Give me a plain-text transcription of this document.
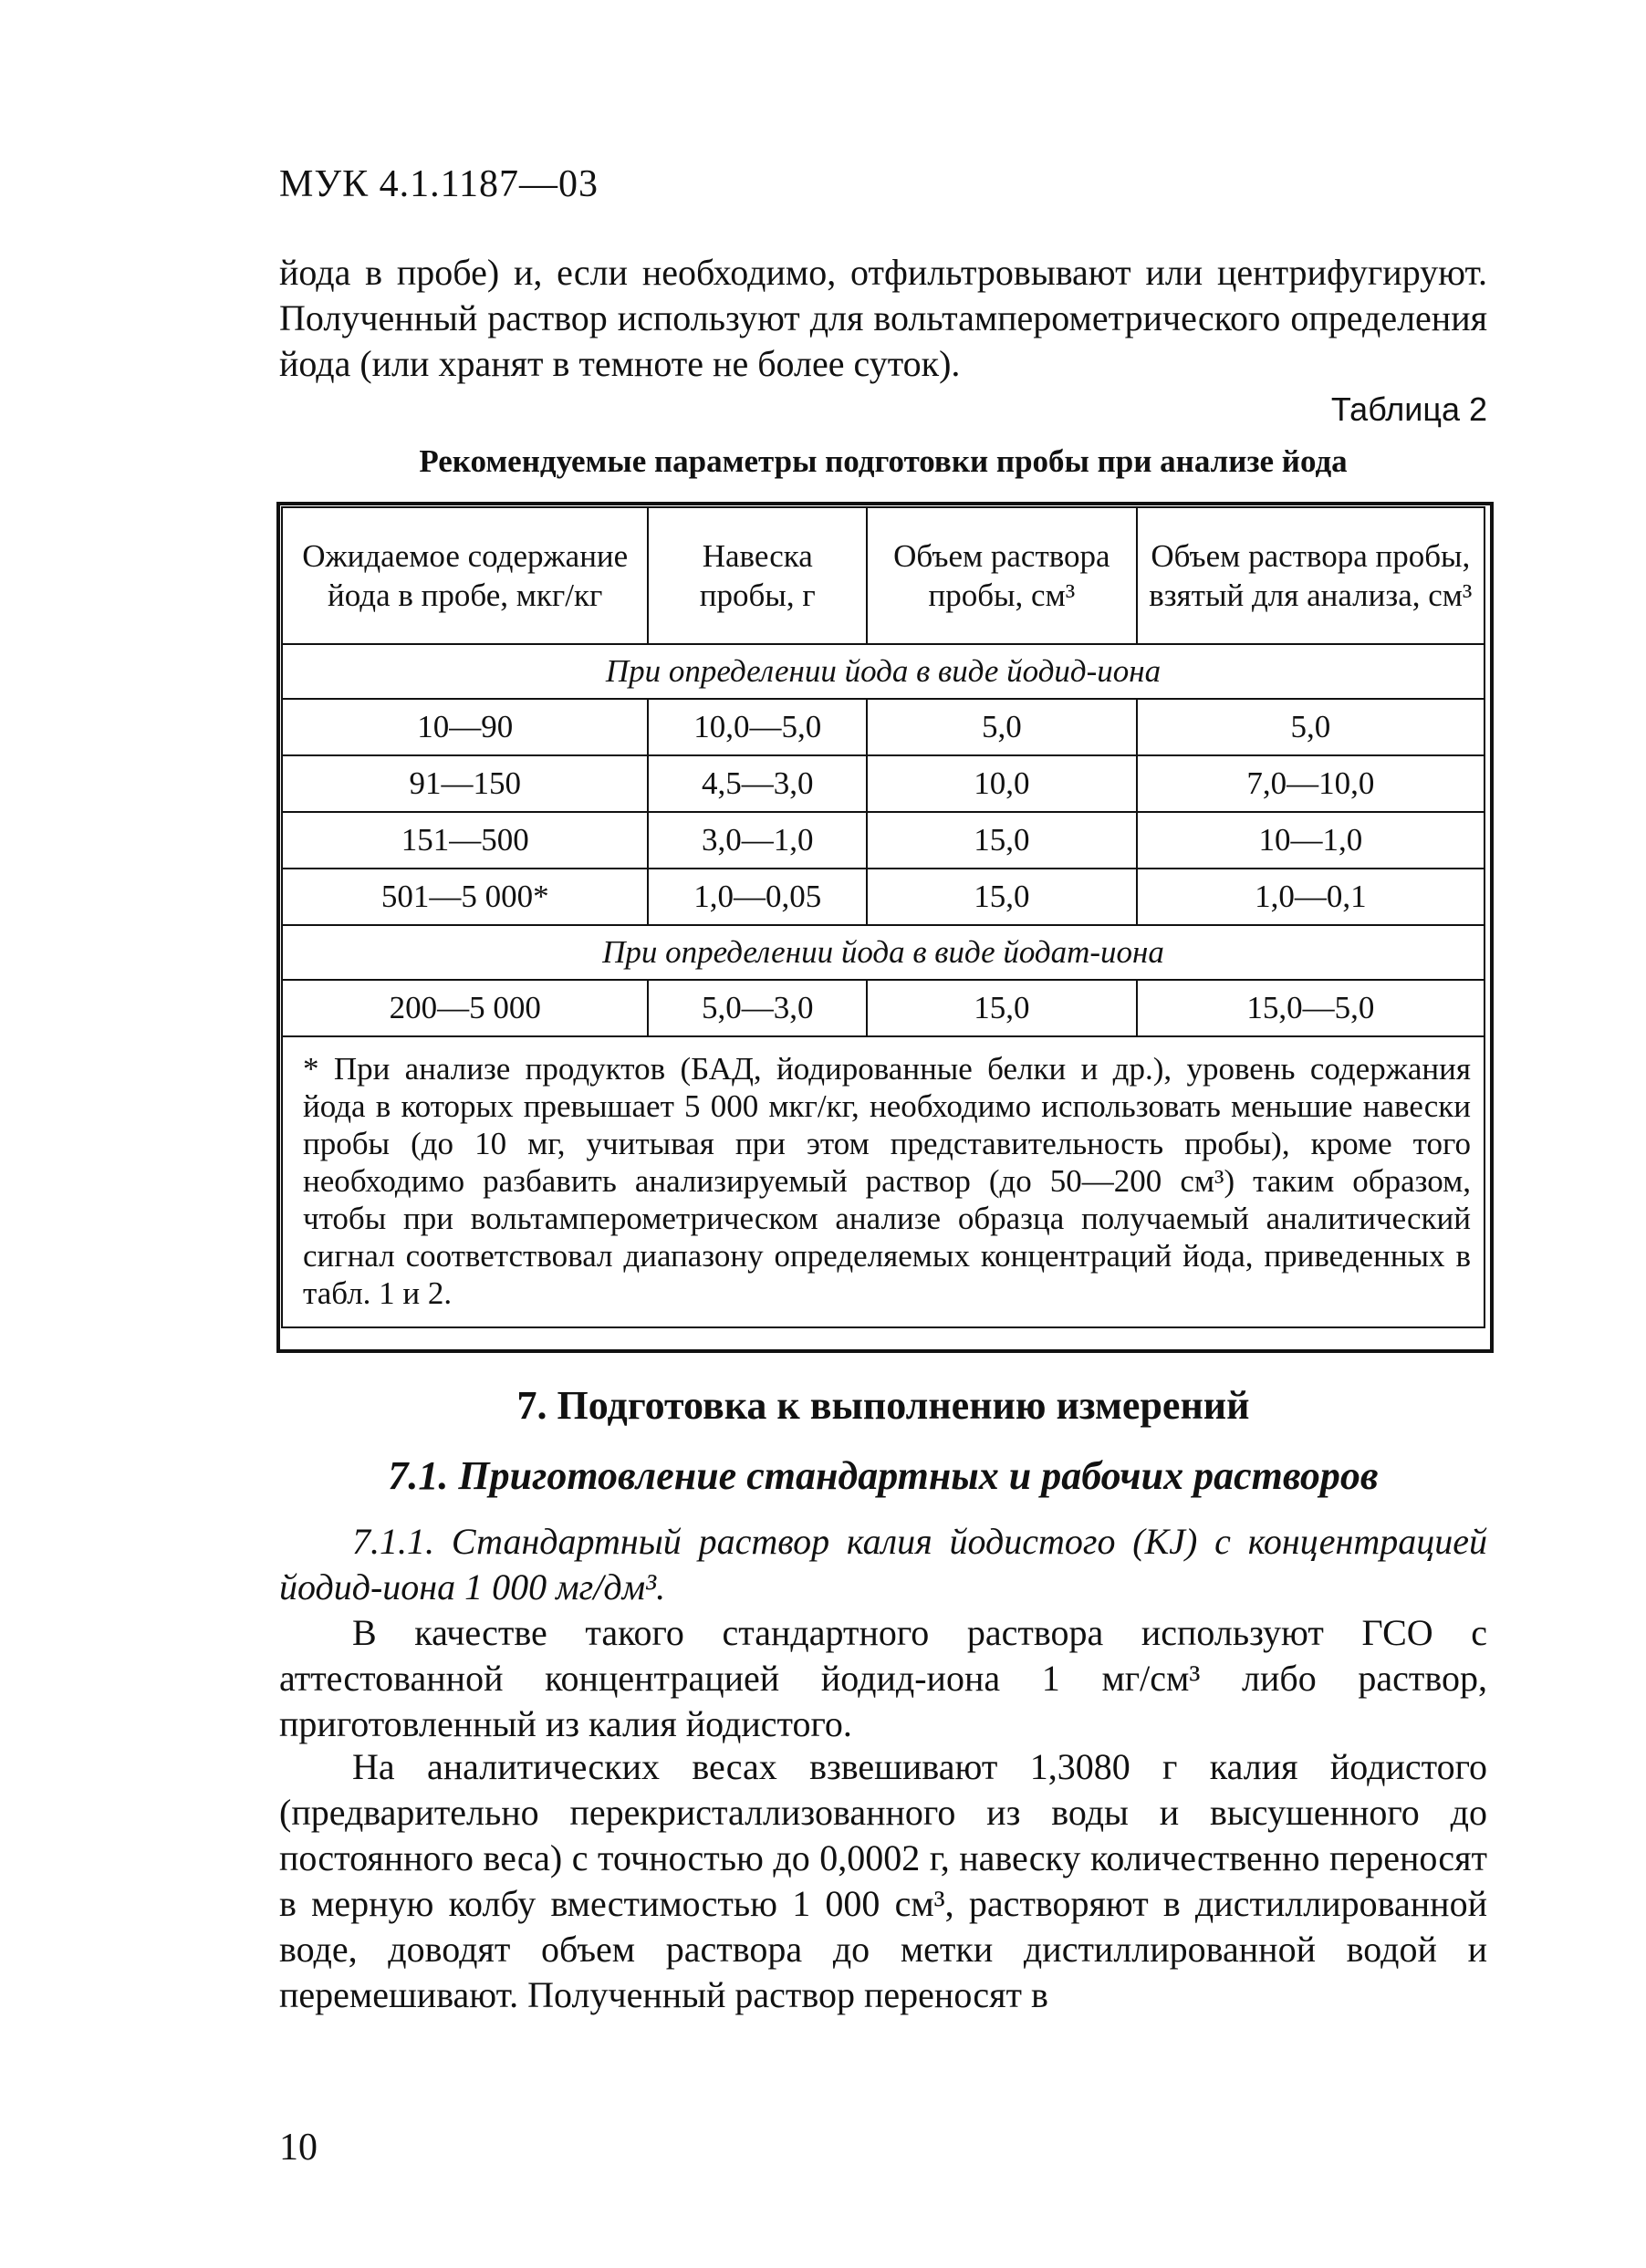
МУК 4.1.1187—03

йода в пробе) и, если необходимо, отфильтровывают или центрифугируют. Полученный раствор используют для вольтамперометрического определения йода (или хранят в темноте не более суток).

Таблица 2
Рекомендуемые параметры подготовки пробы при анализе йода
Ожидаемое содержание йода в пробе, мкг/кг	Навеска пробы, г	Объем раствора пробы, см³	Объем раствора пробы, взятый для анализа, см³
При определении йода в виде йодид-иона			
10—90	10,0—5,0	5,0	5,0
91—150	4,5—3,0	10,0	7,0—10,0
151—500	3,0—1,0	15,0	10—1,0
501—5 000*	1,0—0,05	15,0	1,0—0,1
При определении йода в виде йодат-иона			
200—5 000	5,0—3,0	15,0	15,0—5,0
* При анализе продуктов (БАД, йодированные белки и др.), уровень содержания йода в которых превышает 5 000 мкг/кг, необходимо использовать меньшие навески пробы (до 10 мг, учитывая при этом представительность пробы), кроме того необходимо разбавить анализируемый раствор (до 50—200 см³) таким образом, чтобы при вольтамперометрическом анализе образца получаемый аналитический сигнал соответствовал диапазону определяемых концентраций йода, приведенных в табл. 1 и 2.			
7. Подготовка к выполнению измерений
7.1. Приготовление стандартных и рабочих растворов

7.1.1. Стандартный раствор калия йодистого (KJ) с концентрацией йодид-иона 1 000 мг/дм³.

В качестве такого стандартного раствора используют ГСО с аттестованной концентрацией йодид-иона 1 мг/см³ либо раствор, приготовленный из калия йодистого.

На аналитических весах взвешивают 1,3080 г калия йодистого (предварительно перекристаллизованного из воды и высушенного до постоянного веса) с точностью до 0,0002 г, навеску количественно переносят в мерную колбу вместимостью 1 000 см³, растворяют в дистиллированной воде, доводят объем раствора до метки дистиллированной водой и перемешивают. Полученный раствор переносят в

10
